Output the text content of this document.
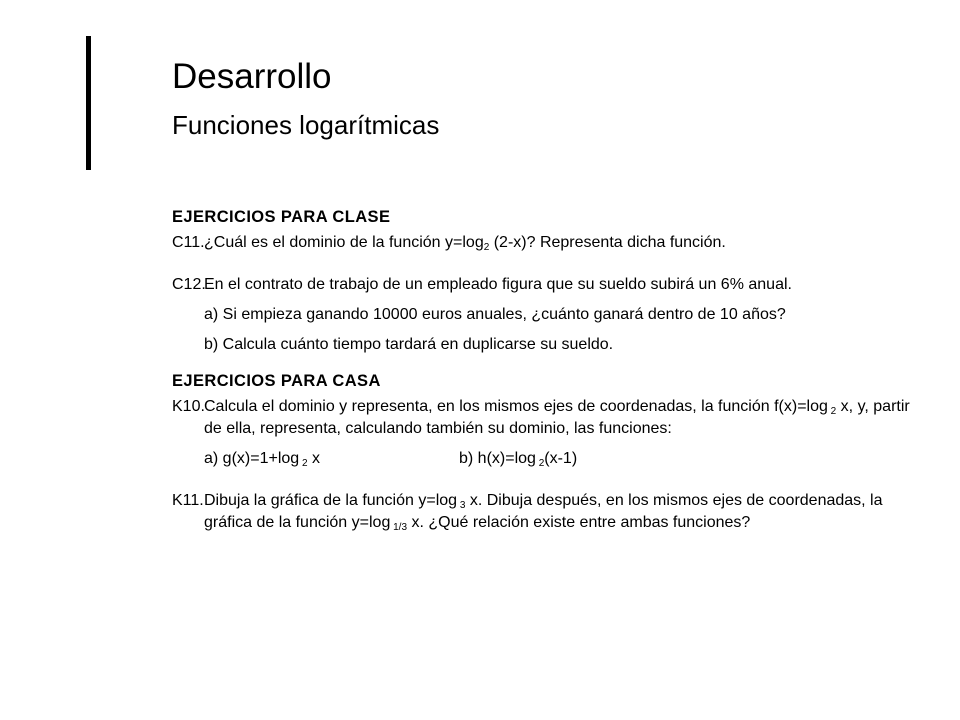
Desarrollo
Funciones logarítmicas
EJERCICIOS PARA CLASE
C11. ¿Cuál es el dominio de la función $y=\log_2$ (2-x)? Representa dicha función.
C12.
En el contrato de trabajo de un empleado figura que su sueldo subirá un 6% anual.
a) Si empieza ganando 10000 euros anuales, ¿cuánto ganará dentro de 10 años?
b) Calcula cuánto tiempo tardará en duplicarse su sueldo.
EJERCICIOS PARA CASA
K10. Calcula el dominio y representa, en los mismos ejes de coordenadas, la función f(x)=log $_2$ x, y, partir de ella, representa, calculando también su dominio, las funciones:
a) g(x)=1+log $_2$ x	b) h(x)=log $_2$(x-1)
K11. Dibuja la gráfica de la función y=log $_3$ x. Dibuja después, en los mismos ejes de coordenadas, la gráfica de la función y=log $_{1/3}$ x. ¿Qué relación existe entre ambas funciones?
